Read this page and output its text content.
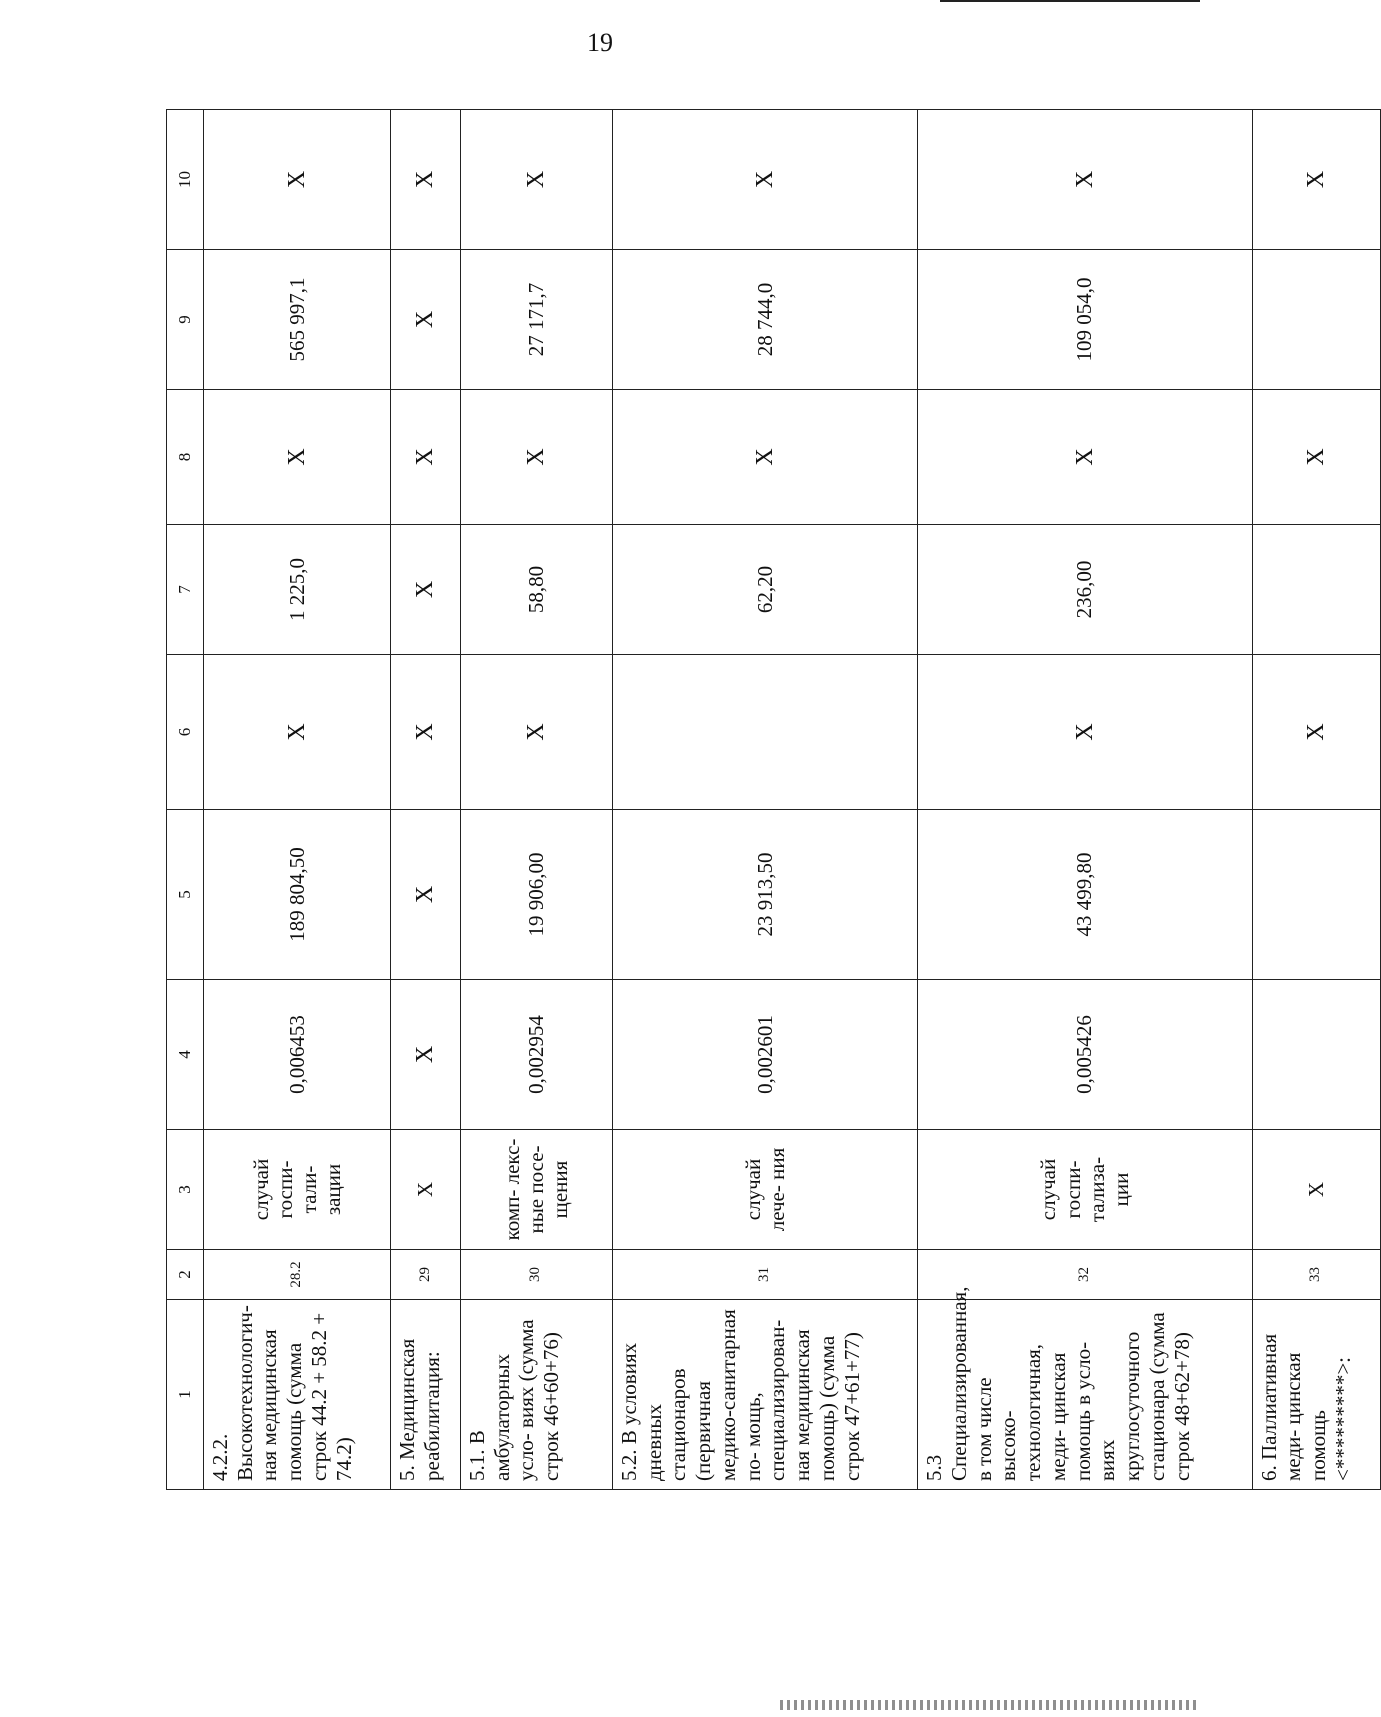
19
1	2	3	4	5	6	7	8	9	10
4.2.2. Высокотехнологич- ная медицинская помощь (сумма строк 44.2 + 58.2 + 74.2)	28.2	случай госпи- тали- зации	0,006453	189 804,50	Х	1 225,0	Х	565 997,1	Х
5. Медицинская реабилитация:	29	Х	Х	Х	Х	Х	Х	Х	Х
5.1. В амбулаторных усло- виях (сумма строк 46+60+76)	30	комп- лекс- ные посе- щения	0,002954	19 906,00	Х	58,80	Х	27 171,7	Х
5.2. В условиях дневных стационаров (первичная медико-санитарная по- мощь, специализирован- ная медицинская помощь) (сумма строк 47+61+77)	31	случай лече- ния	0,002601	23 913,50		62,20	Х	28 744,0	Х
5.3 Специализированная, в том числе высоко- технологичная, меди- цинская помощь в усло- виях круглосуточного стационара (сумма строк 48+62+78)	32	случай госпи- тализа- ции	0,005426	43 499,80	Х	236,00	Х	109 054,0	Х
6. Паллиативная меди- цинская помощь <*********>:	33	Х			Х		Х		Х
